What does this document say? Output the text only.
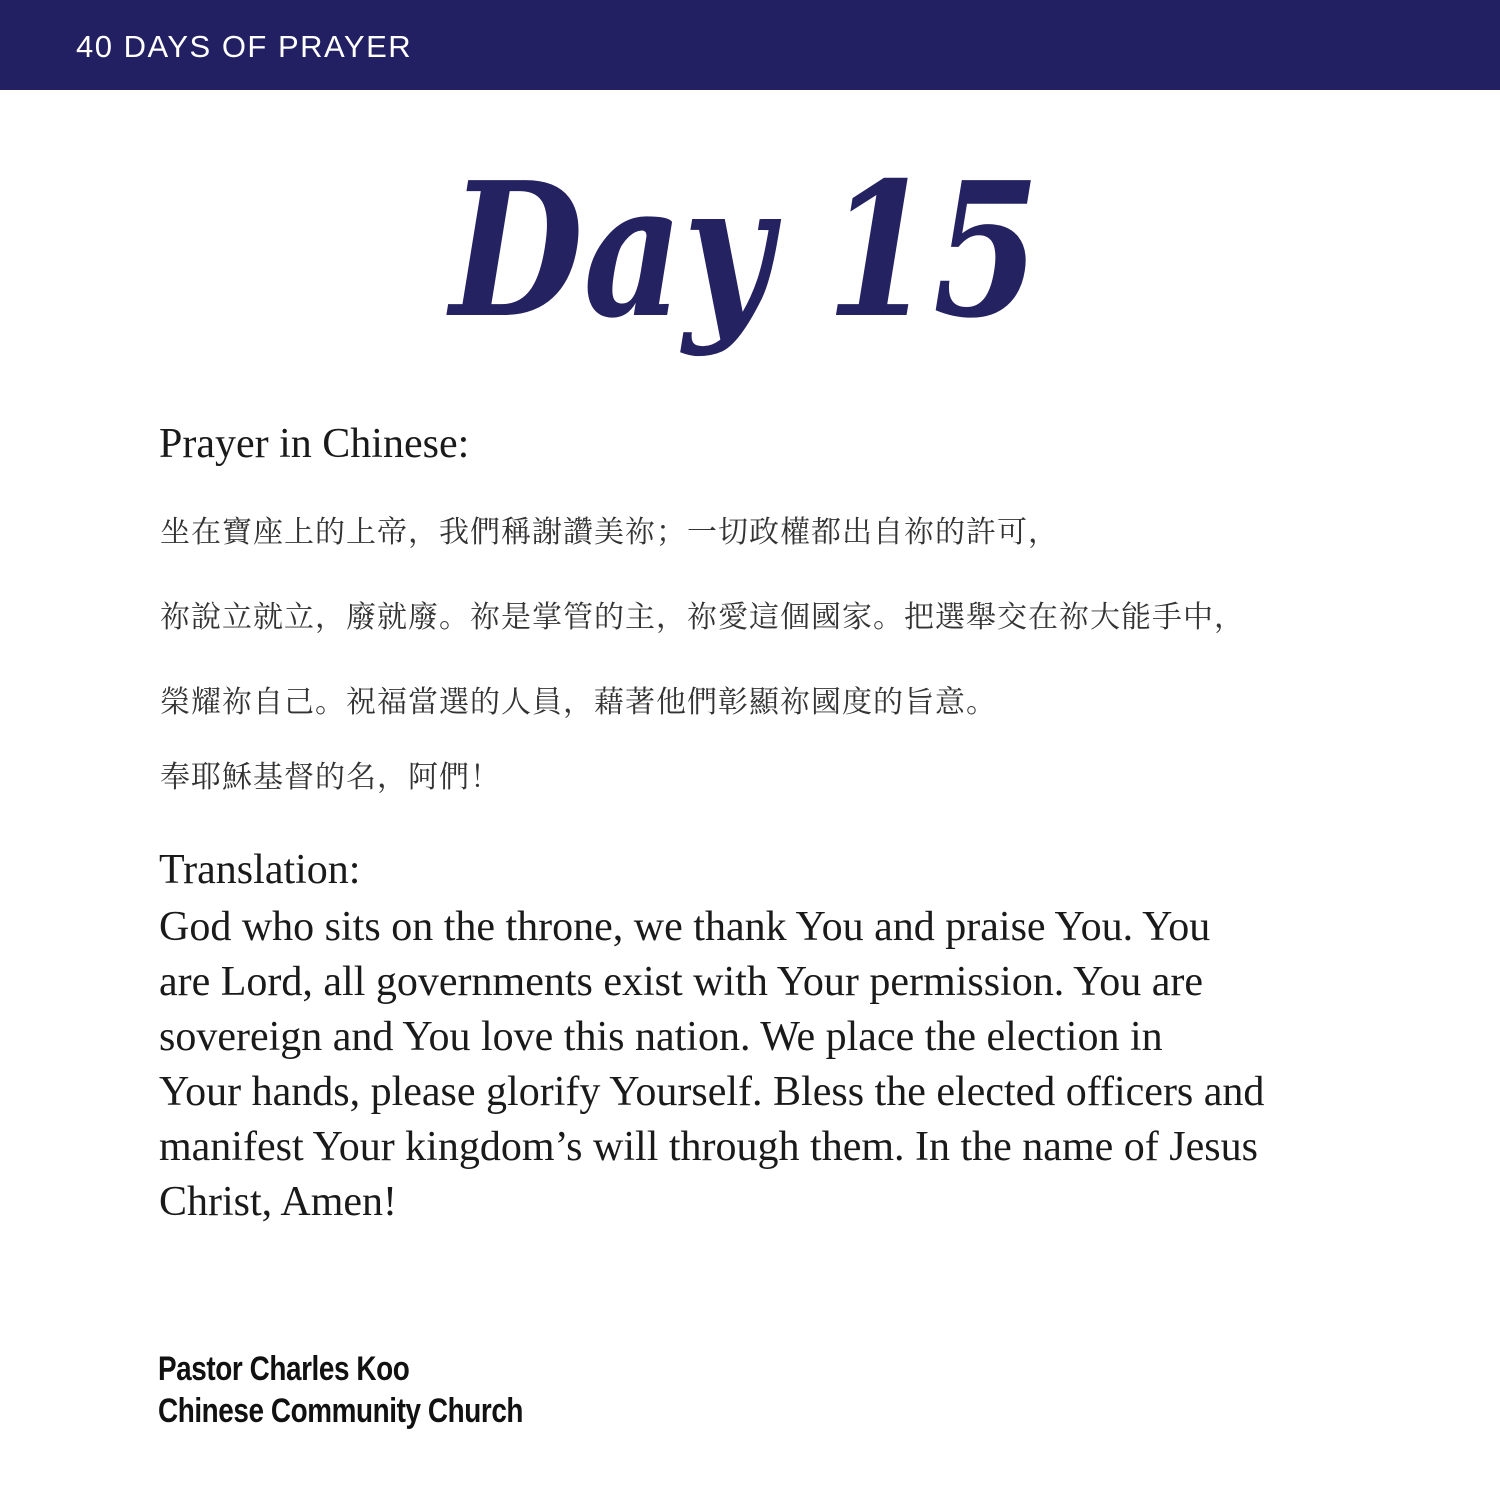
40 DAYS OF PRAYER
Day 15
Prayer in Chinese:
坐在寶座上的上帝，我們稱謝讚美祢；一切政權都出自祢的許可，
祢說立就立，廢就廢。祢是掌管的主，祢愛這個國家。把選舉交在祢大能手中，
榮耀祢自己。祝福當選的人員，藉著他們彰顯祢國度的旨意。
奉耶穌基督的名，阿們！
Translation:
God who sits on the throne, we thank You and praise You. You
are Lord, all governments exist with Your permission. You are
sovereign and You love this nation. We place the election in
Your hands, please glorify Yourself. Bless the elected officers and
manifest Your kingdom’s will through them. In the name of Jesus
Christ, Amen!
Pastor Charles Koo
Chinese Community Church
